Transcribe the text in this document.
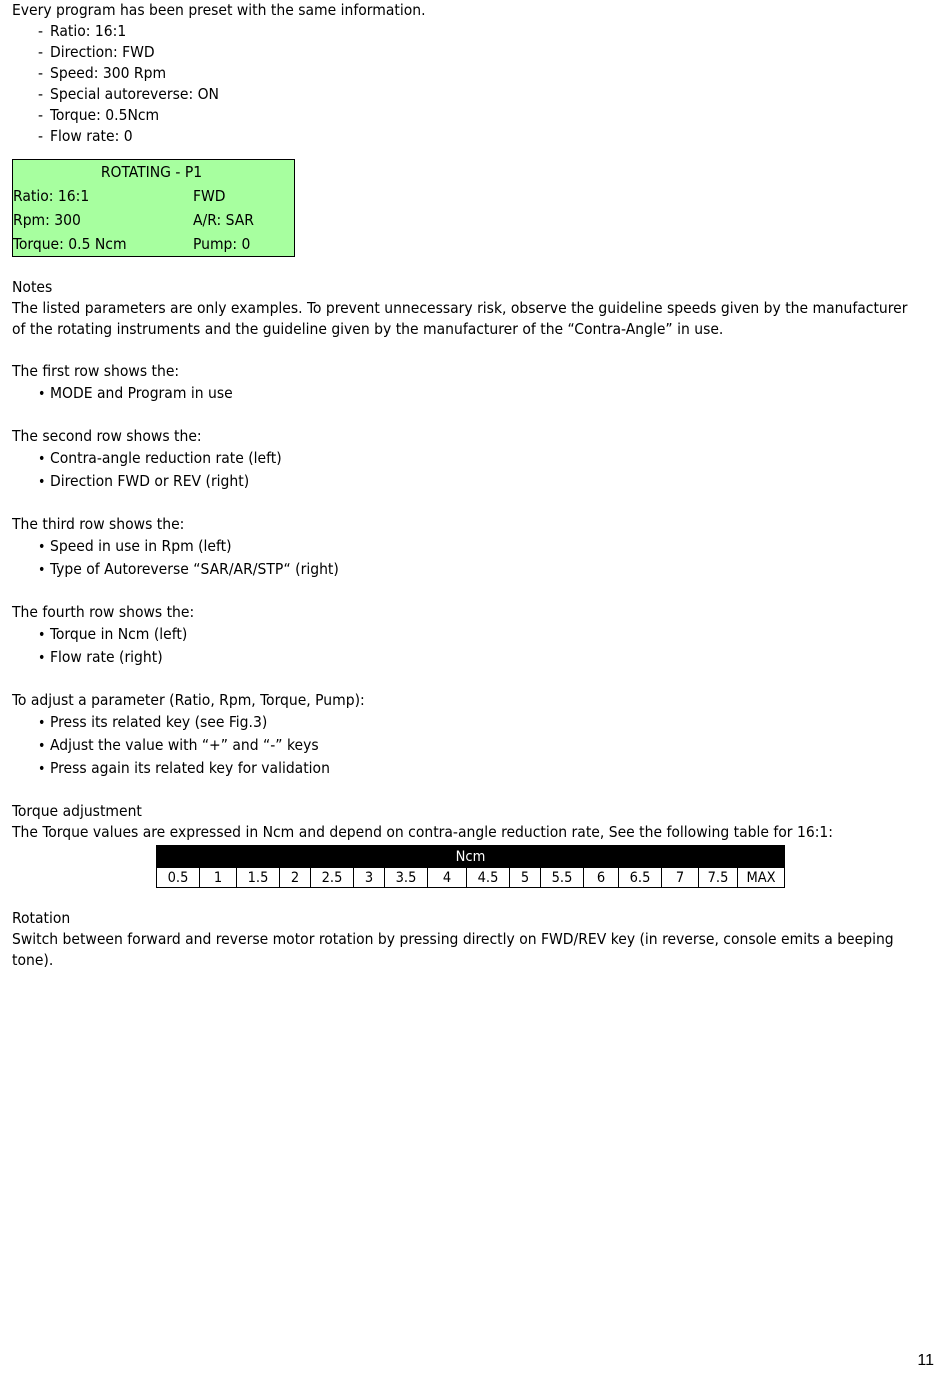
Every program has been preset with the same information.

- Ratio: 16:1
- Direction: FWD
- Speed: 300 Rpm
- Special autoreverse: ON
- Torque: 0.5Ncm
- Flow rate: 0
ROTATING - P1
Ratio: 16:1	FWD
Rpm: 300	A/R: SAR
Torque: 0.5 Ncm	Pump: 0

Notes

The listed parameters are only examples. To prevent unnecessary risk, observe the guideline speeds given by the manufacturer of the rotating instruments and the guideline given by the manufacturer of the “Contra-Angle” in use.

The first row shows the:

• MODE and Program in use

The second row shows the:

• Contra-angle reduction rate (left)
• Direction FWD or REV (right)

The third row shows the:

• Speed in use in Rpm (left)
• Type of Autoreverse “SAR/AR/STP“ (right)

The fourth row shows the:

• Torque in Ncm (left)
• Flow rate (right)

To adjust a parameter (Ratio, Rpm, Torque, Pump):

• Press its related key (see Fig.3)
• Adjust the value with “+” and “-” keys
• Press again its related key for validation

Torque adjustment

The Torque values are expressed in Ncm and depend on contra-angle reduction rate, See the following table for 16:1:

Ncm
0.5	1	1.5	2	2.5	3	3.5	4	4.5	5	5.5	6	6.5	7	7.5	MAX

Rotation

Switch between forward and reverse motor rotation by pressing directly on FWD/REV key (in reverse, console emits a beeping tone).

11
